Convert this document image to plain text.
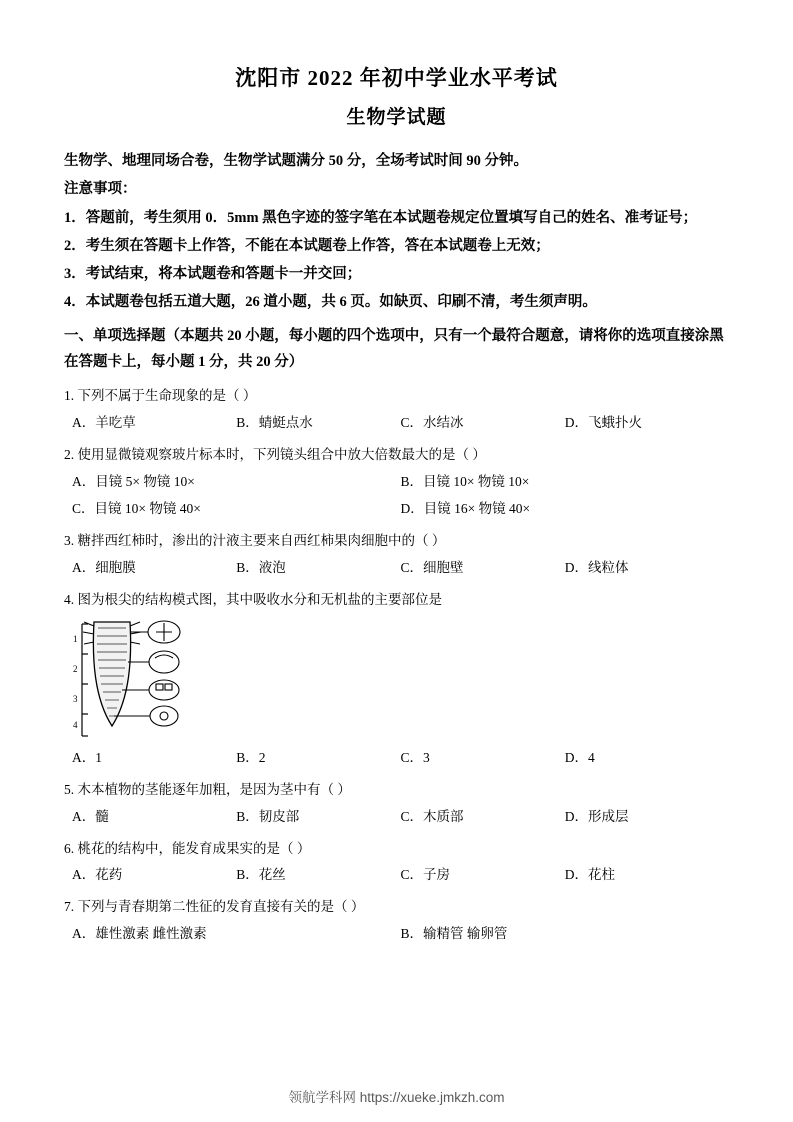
沈阳市 2022 年初中学业水平考试
生物学试题

生物学、地理同场合卷，生物学试题满分 50 分，全场考试时间 90 分钟。

注意事项：

1．答题前，考生须用 0．5mm 黑色字迹的签字笔在本试题卷规定位置填写自己的姓名、准考证号；

2．考生须在答题卡上作答，不能在本试题卷上作答，答在本试题卷上无效；

3．考试结束，将本试题卷和答题卡一并交回；

4．本试题卷包括五道大题，26 道小题，共 6 页。如缺页、印刷不清，考生须声明。

一、单项选择题（本题共 20 小题，每小题的四个选项中，只有一个最符合题意，请将你的选项直接涂黑在答题卡上，每小题 1 分，共 20 分）

1. 下列不属于生命现象的是（ ）

A．羊吃草	B．蜻蜓点水	C．水结冰	D．飞蛾扑火

2. 使用显微镜观察玻片标本时，下列镜头组合中放大倍数最大的是（ ）

A．目镜 5× 物镜 10×	B．目镜 10× 物镜 10×
C．目镜 10× 物镜 40×	D．目镜 16× 物镜 40×

3. 糖拌西红柿时，渗出的汁液主要来自西红柿果肉细胞中的（ ）

A．细胞膜	B．液泡	C．细胞壁	D．线粒体

4. 图为根尖的结构模式图，其中吸收水分和无机盐的主要部位是

1
2
3
4
A．1	B．2	C．3	D．4

5. 木本植物的茎能逐年加粗，是因为茎中有（ ）

A．髓	B．韧皮部	C．木质部	D．形成层

6. 桃花的结构中，能发育成果实的是（ ）

A．花药	B．花丝	C．子房	D．花柱

7. 下列与青春期第二性征的发育直接有关的是（ ）

A．雄性激素 雌性激素	B．输精管 输卵管
领航学科网 https://xueke.jmkzh.com
